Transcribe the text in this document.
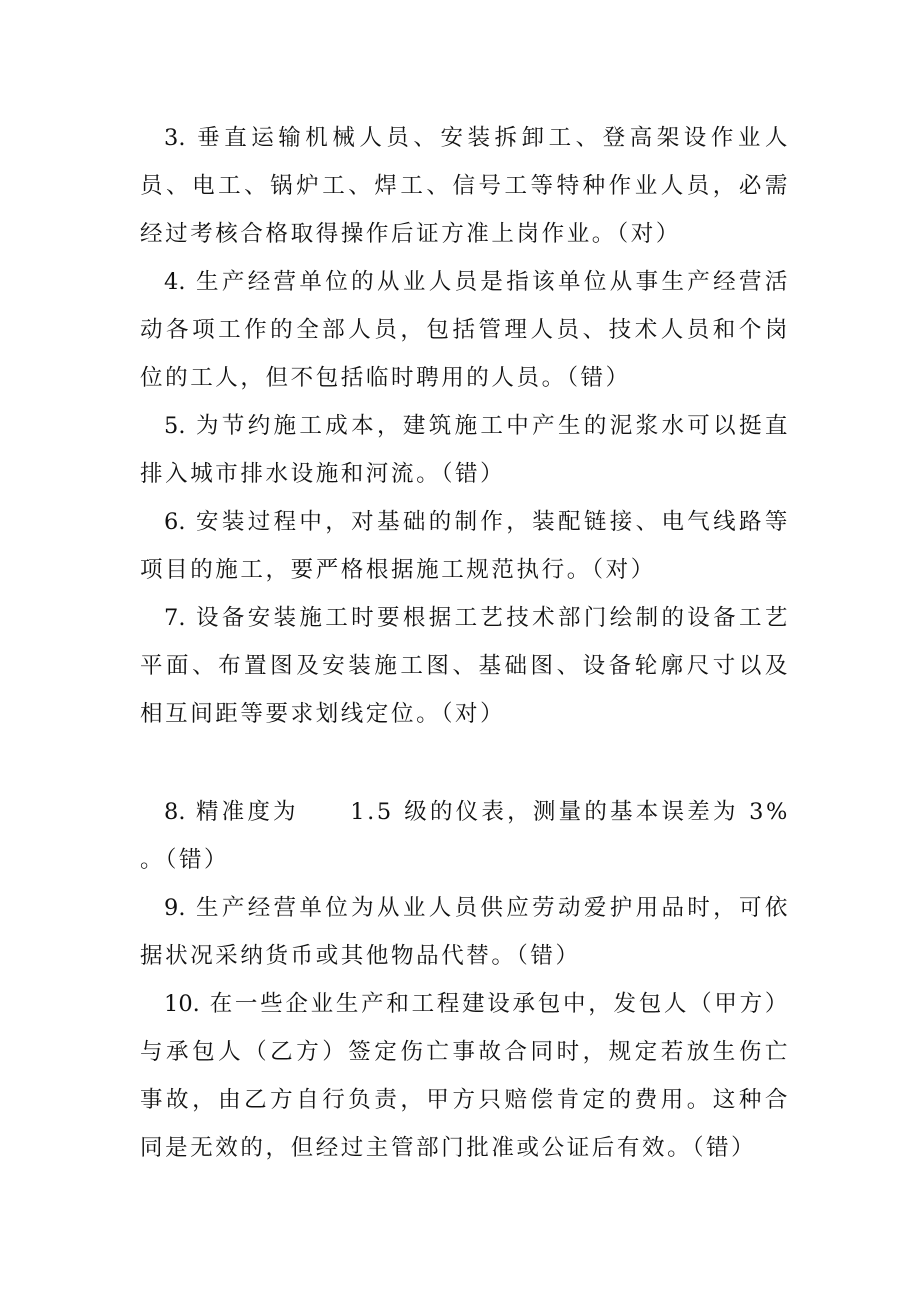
3. 垂直运输机械人员、安装拆卸工、登高架设作业人员、电工、锅炉工、焊工、信号工等特种作业人员，必需经过考核合格取得操作后证方准上岗作业。（对）

4. 生产经营单位的从业人员是指该单位从事生产经营活动各项工作的全部人员，包括管理人员、技术人员和个岗位的工人，但不包括临时聘用的人员。（错）

5. 为节约施工成本，建筑施工中产生的泥浆水可以挺直排入城市排水设施和河流。（错）

6. 安装过程中，对基础的制作，装配链接、电气线路等项目的施工，要严格根据施工规范执行。（对）

7. 设备安装施工时要根据工艺技术部门绘制的设备工艺平面、布置图及安装施工图、基础图、设备轮廓尺寸以及相互间距等要求划线定位。（对）

8. 精准度为　　1.5 级的仪表，测量的基本误差为 3% 。（错）

9. 生产经营单位为从业人员供应劳动爱护用品时，可依据状况采纳货币或其他物品代替。（错）

10. 在一些企业生产和工程建设承包中，发包人（甲方）与承包人（乙方）签定伤亡事故合同时，规定若放生伤亡事故，由乙方自行负责，甲方只赔偿肯定的费用。这种合同是无效的，但经过主管部门批准或公证后有效。（错）
